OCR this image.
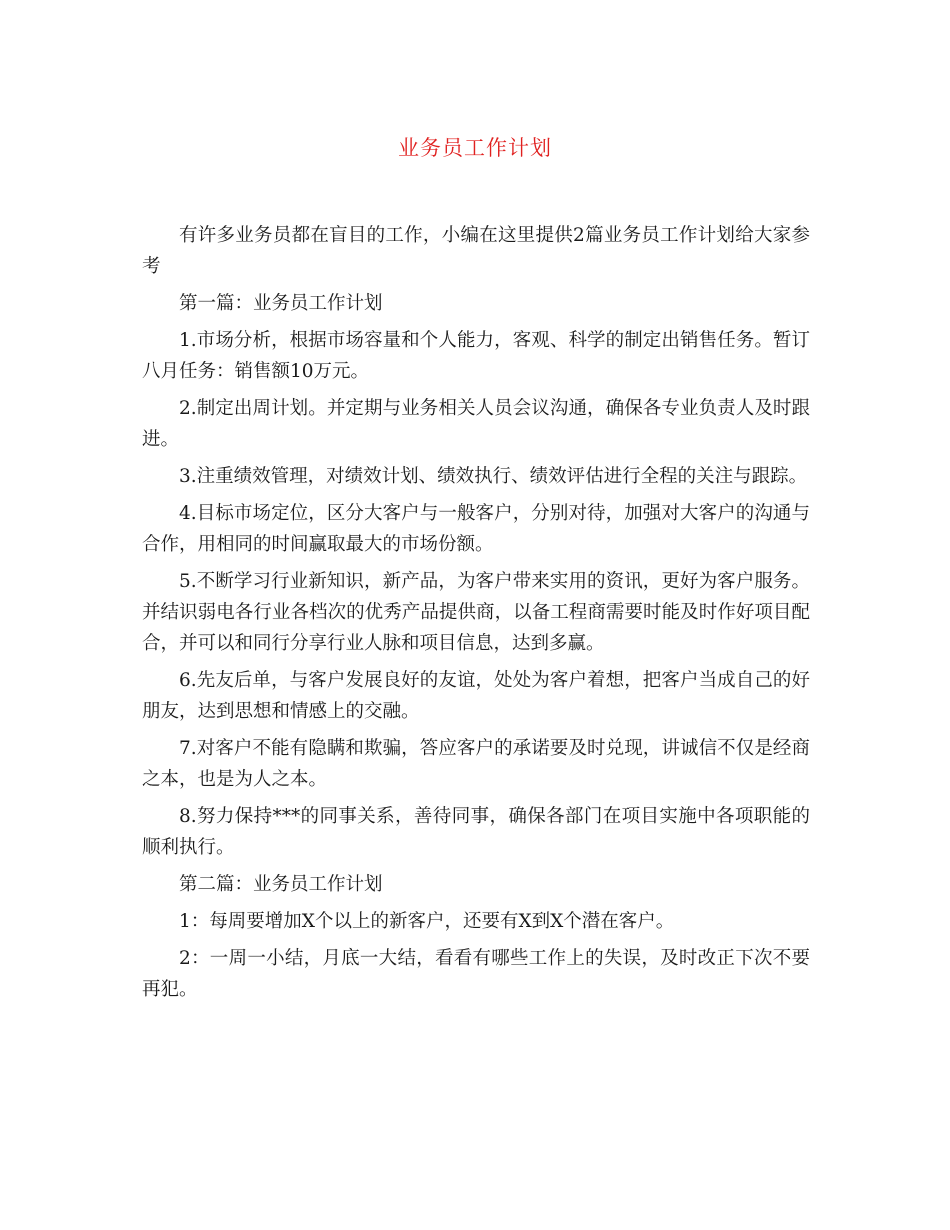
业务员工作计划

有许多业务员都在盲目的工作，小编在这里提供2篇业务员工作计划给大家参考

第一篇：业务员工作计划

1.市场分析，根据市场容量和个人能力，客观、科学的制定出销售任务。暂订八月任务：销售额10万元。

2.制定出周计划。并定期与业务相关人员会议沟通，确保各专业负责人及时跟进。

3.注重绩效管理，对绩效计划、绩效执行、绩效评估进行全程的关注与跟踪。

4.目标市场定位，区分大客户与一般客户，分别对待，加强对大客户的沟通与合作，用相同的时间赢取最大的市场份额。

5.不断学习行业新知识，新产品，为客户带来实用的资讯，更好为客户服务。并结识弱电各行业各档次的优秀产品提供商，以备工程商需要时能及时作好项目配合，并可以和同行分享行业人脉和项目信息，达到多赢。

6.先友后单，与客户发展良好的友谊，处处为客户着想，把客户当成自己的好朋友，达到思想和情感上的交融。

7.对客户不能有隐瞒和欺骗，答应客户的承诺要及时兑现，讲诚信不仅是经商之本，也是为人之本。

8.努力保持***的同事关系，善待同事，确保各部门在项目实施中各项职能的顺利执行。

第二篇：业务员工作计划

1：每周要增加X个以上的新客户，还要有X到X个潜在客户。

2：一周一小结，月底一大结，看看有哪些工作上的失误，及时改正下次不要再犯。
